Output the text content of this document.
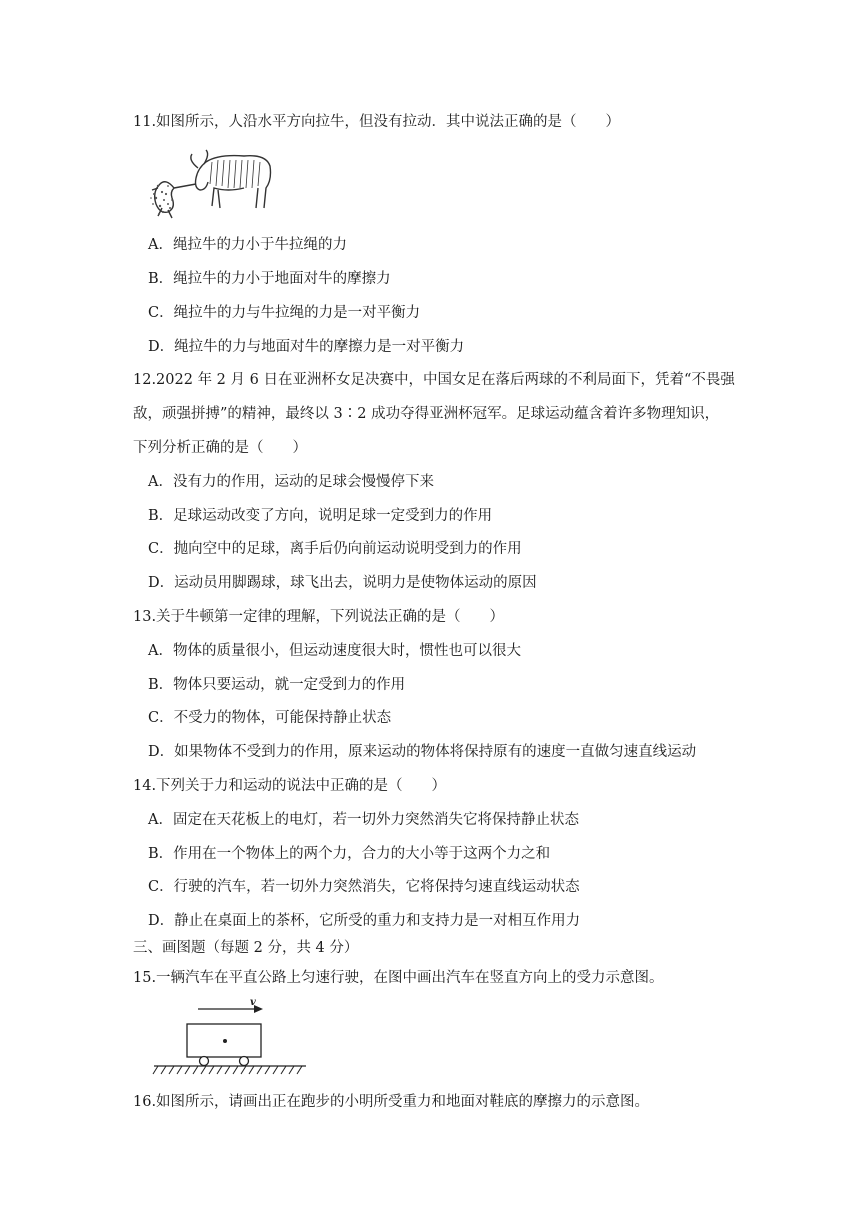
11.如图所示，人沿水平方向拉牛，但没有拉动．其中说法正确的是（　　）
A．绳拉牛的力小于牛拉绳的力
B．绳拉牛的力小于地面对牛的摩擦力
C．绳拉牛的力与牛拉绳的力是一对平衡力
D．绳拉牛的力与地面对牛的摩擦力是一对平衡力
12.2022 年 2 月 6 日在亚洲杯女足决赛中，中国女足在落后两球的不利局面下，凭着“不畏强
敌，顽强拼搏”的精神，最终以 3∶2 成功夺得亚洲杯冠军。足球运动蕴含着许多物理知识，
下列分析正确的是（　　）
A．没有力的作用，运动的足球会慢慢停下来
B．足球运动改变了方向，说明足球一定受到力的作用
C．抛向空中的足球，离手后仍向前运动说明受到力的作用
D．运动员用脚踢球，球飞出去，说明力是使物体运动的原因
13.关于牛顿第一定律的理解，下列说法正确的是（　　）
A．物体的质量很小，但运动速度很大时，惯性也可以很大
B．物体只要运动，就一定受到力的作用
C．不受力的物体，可能保持静止状态
D．如果物体不受到力的作用，原来运动的物体将保持原有的速度一直做匀速直线运动
14.下列关于力和运动的说法中正确的是（　　）
A．固定在天花板上的电灯，若一切外力突然消失它将保持静止状态
B．作用在一个物体上的两个力，合力的大小等于这两个力之和
C．行驶的汽车，若一切外力突然消失，它将保持匀速直线运动状态
D．静止在桌面上的茶杯，它所受的重力和支持力是一对相互作用力
三、画图题（每题 2 分，共 4 分）
15.一辆汽车在平直公路上匀速行驶，在图中画出汽车在竖直方向上的受力示意图。
v
16.如图所示，请画出正在跑步的小明所受重力和地面对鞋底的摩擦力的示意图。
